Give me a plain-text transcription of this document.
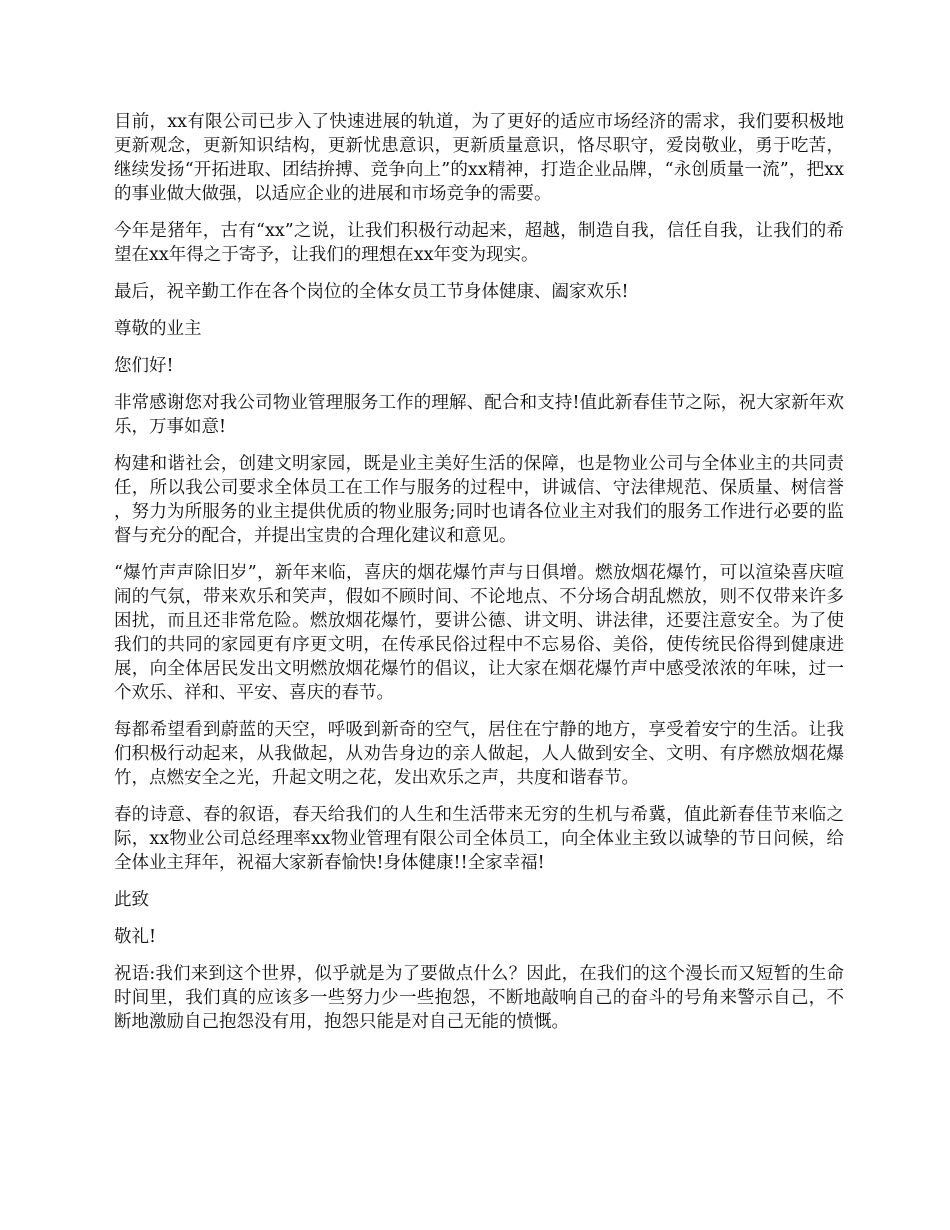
目前，xx有限公司已步入了快速进展的轨道，为了更好的适应市场经济的需求，我们要积极地更新观念，更新知识结构，更新忧患意识，更新质量意识，恪尽职守，爱岗敬业，勇于吃苦，继续发扬“开拓进取、团结拚搏、竞争向上”的xx精神，打造企业品牌，“永创质量一流”，把xx的事业做大做强，以适应企业的进展和市场竞争的需要。

今年是猪年，古有“xx”之说，让我们积极行动起来，超越，制造自我，信任自我，让我们的希望在xx年得之于寄予，让我们的理想在xx年变为现实。

最后，祝辛勤工作在各个岗位的全体女员工节身体健康、阖家欢乐!

尊敬的业主

您们好!

非常感谢您对我公司物业管理服务工作的理解、配合和支持!值此新春佳节之际，祝大家新年欢乐，万事如意!

构建和谐社会，创建文明家园，既是业主美好生活的保障，也是物业公司与全体业主的共同责任，所以我公司要求全体员工在工作与服务的过程中，讲诚信、守法律规范、保质量、树信誉，努力为所服务的业主提供优质的物业服务;同时也请各位业主对我们的服务工作进行必要的监督与充分的配合，并提出宝贵的合理化建议和意见。

“爆竹声声除旧岁”，新年来临，喜庆的烟花爆竹声与日俱增。燃放烟花爆竹，可以渲染喜庆喧闹的气氛，带来欢乐和笑声，假如不顾时间、不论地点、不分场合胡乱燃放，则不仅带来许多困扰，而且还非常危险。燃放烟花爆竹，要讲公德、讲文明、讲法律，还要注意安全。为了使我们的共同的家园更有序更文明，在传承民俗过程中不忘易俗、美俗，使传统民俗得到健康进展，向全体居民发出文明燃放烟花爆竹的倡议，让大家在烟花爆竹声中感受浓浓的年味，过一个欢乐、祥和、平安、喜庆的春节。

每都希望看到蔚蓝的天空，呼吸到新奇的空气，居住在宁静的地方，享受着安宁的生活。让我们积极行动起来，从我做起，从劝告身边的亲人做起，人人做到安全、文明、有序燃放烟花爆竹，点燃安全之光，升起文明之花，发出欢乐之声，共度和谐春节。

春的诗意、春的叙语，春天给我们的人生和生活带来无穷的生机与希冀，值此新春佳节来临之际，xx物业公司总经理率xx物业管理有限公司全体员工，向全体业主致以诚挚的节日问候，给全体业主拜年，祝福大家新春愉快!身体健康!!全家幸福!

此致

敬礼!

祝语:我们来到这个世界，似乎就是为了要做点什么？因此，在我们的这个漫长而又短暂的生命时间里，我们真的应该多一些努力少一些抱怨，不断地敲响自己的奋斗的号角来警示自己，不断地激励自己抱怨没有用，抱怨只能是对自己无能的愤慨。
